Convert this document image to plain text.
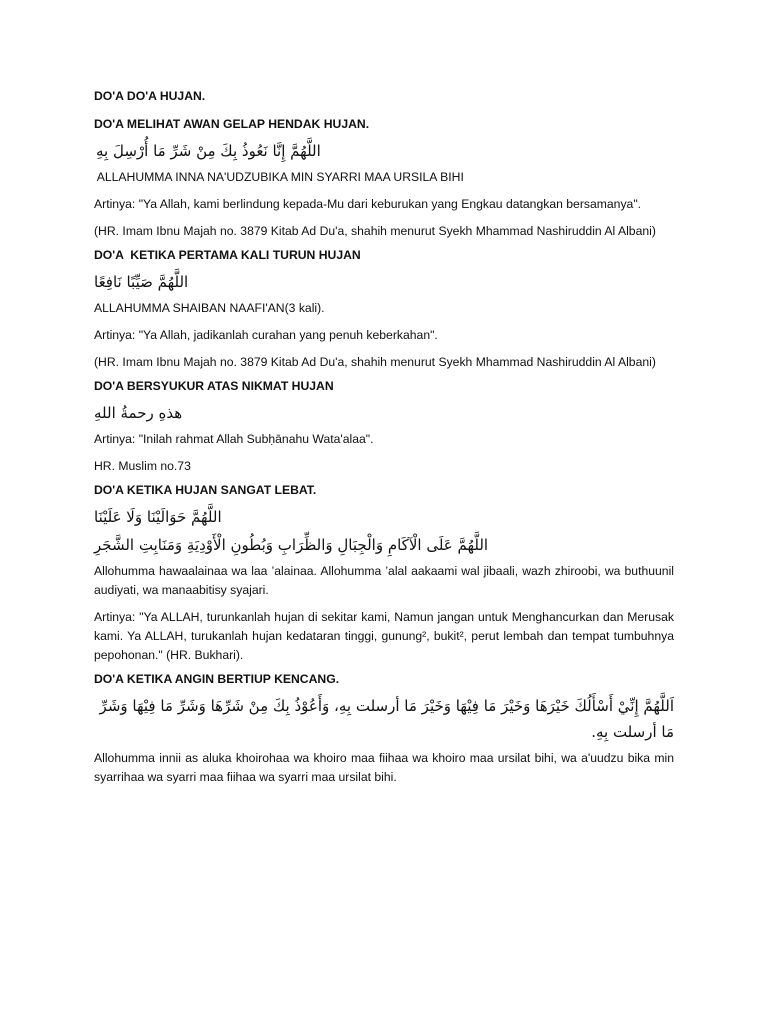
DO'A DO'A HUJAN.
DO'A MELIHAT AWAN GELAP HENDAK HUJAN.
اللَّهُمَّ إِنَّا نَعُوذُ بِكَ مِنْ شَرِّ مَا أُرْسِلَ بِهِ
ALLAHUMMA INNA NA'UDZUBIKA MIN SYARRI MAA URSILA BIHI
Artinya: "Ya Allah, kami berlindung kepada-Mu dari keburukan yang Engkau datangkan bersamanya".
(HR. Imam Ibnu Majah no. 3879 Kitab Ad Du'a, shahih menurut Syekh Mhammad Nashiruddin Al Albani)
DO'A  KETIKA PERTAMA KALI TURUN HUJAN
اللَّهُمَّ صَيِّبًا نَافِعًا
ALLAHUMMA SHAIBAN NAAFI'AN(3 kali).
Artinya: "Ya Allah, jadikanlah curahan yang penuh keberkahan".
(HR. Imam Ibnu Majah no. 3879 Kitab Ad Du'a, shahih menurut Syekh Mhammad Nashiruddin Al Albani)
DO'A BERSYUKUR ATAS NIKMAT HUJAN
هذهِ رحمةُ اللهِ
Artinya: "Inilah rahmat Allah Subḥānahu Wata'alaa".
HR. Muslim no.73
DO'A KETIKA HUJAN SANGAT LEBAT.
اللَّهُمَّ حَوَالَيْنَا وَلَا عَلَيْنَا
اللَّهُمَّ عَلَى الْآكَامِ وَالْجِبَالِ وَالظِّرَابِ وَبُطُونِ الْأَوْدِيَةِ وَمَنَابِتِ الشَّجَرِ
Allohumma hawaalainaa wa laa ’alainaa. Allohumma ’alal aakaami wal jibaali, wazh zhiroobi, wa buthuunil audiyati, wa manaabitisy syajari.
Artinya: "Ya ALLAH, turunkanlah hujan di sekitar kami, Namun jangan untuk Menghancurkan dan Merusak kami. Ya ALLAH, turukanlah hujan kedataran tinggi, gunung², bukit², perut lembah dan tempat tumbuhnya pepohonan." (HR. Bukhari).
DO'A KETIKA ANGIN BERTIUP KENCANG.
اَللَّهُمَّ إِنِّيْ أَسْأَلُكَ خَيْرَهَا وَخَيْرَ مَا فِيْهَا وَخَيْرَ مَا أرسلت بِهِ، وَأَعُوْذُ بِكَ مِنْ شَرِّهَا وَشَرِّ مَا فِيْهَا وَشَرِّ مَا أرسلت بِهِ.
Allohumma innii as aluka khoirohaa wa khoiro maa fiihaa wa khoiro maa ursilat bihi, wa a'uudzu bika min syarrihaa wa syarri maa fiihaa wa syarri maa ursilat bihi.
